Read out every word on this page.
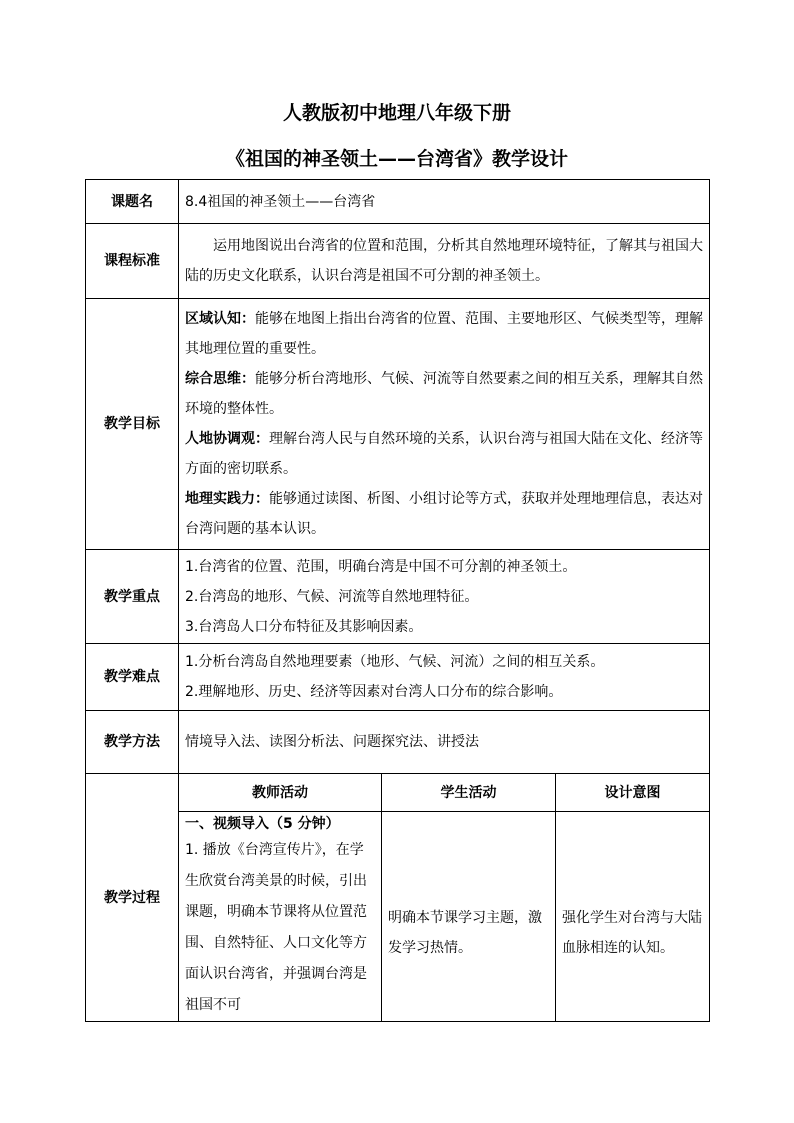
人教版初中地理八年级下册
《祖国的神圣领土——台湾省》教学设计
课题名	8.4祖国的神圣领土——台湾省		
课程标准	运用地图说出台湾省的位置和范围，分析其自然地理环境特征，了解其与祖国大陆的历史文化联系，认识台湾是祖国不可分割的神圣领土。		

教学目标	区域认知：能够在地图上指出台湾省的位置、范围、主要地形区、气候类型等，理解其地理位置的重要性。

综合思维：能够分析台湾地形、气候、河流等自然要素之间的相互关系，理解其自然环境的整体性。

人地协调观：理解台湾人民与自然环境的关系，认识台湾与祖国大陆在文化、经济等方面的密切联系。

地理实践力：能够通过读图、析图、小组讨论等方式，获取并处理地理信息，表达对台湾问题的基本认识。		

教学重点	1.台湾省的位置、范围，明确台湾是中国不可分割的神圣领土。

2.台湾岛的地形、气候、河流等自然地理特征。

3.台湾岛人口分布特征及其影响因素。		

教学难点	1.分析台湾岛自然地理要素（地形、气候、河流）之间的相互关系。

2.理解地形、历史、经济等因素对台湾人口分布的综合影响。		

教学方法	情境导入法、读图分析法、问题探究法、讲授法		
教学过程	教师活动	学生活动	设计意图

	一、视频导入（5 分钟）

1. 播放《台湾宣传片》，在学生欣赏台湾美景的时候，引出课题，明确本节课将从位置范围、自然特征、人口文化等方面认识台湾省，并强调台湾是祖国不可	明确本节课学习主题，激发学习热情。	强化学生对台湾与大陆血脉相连的认知。
